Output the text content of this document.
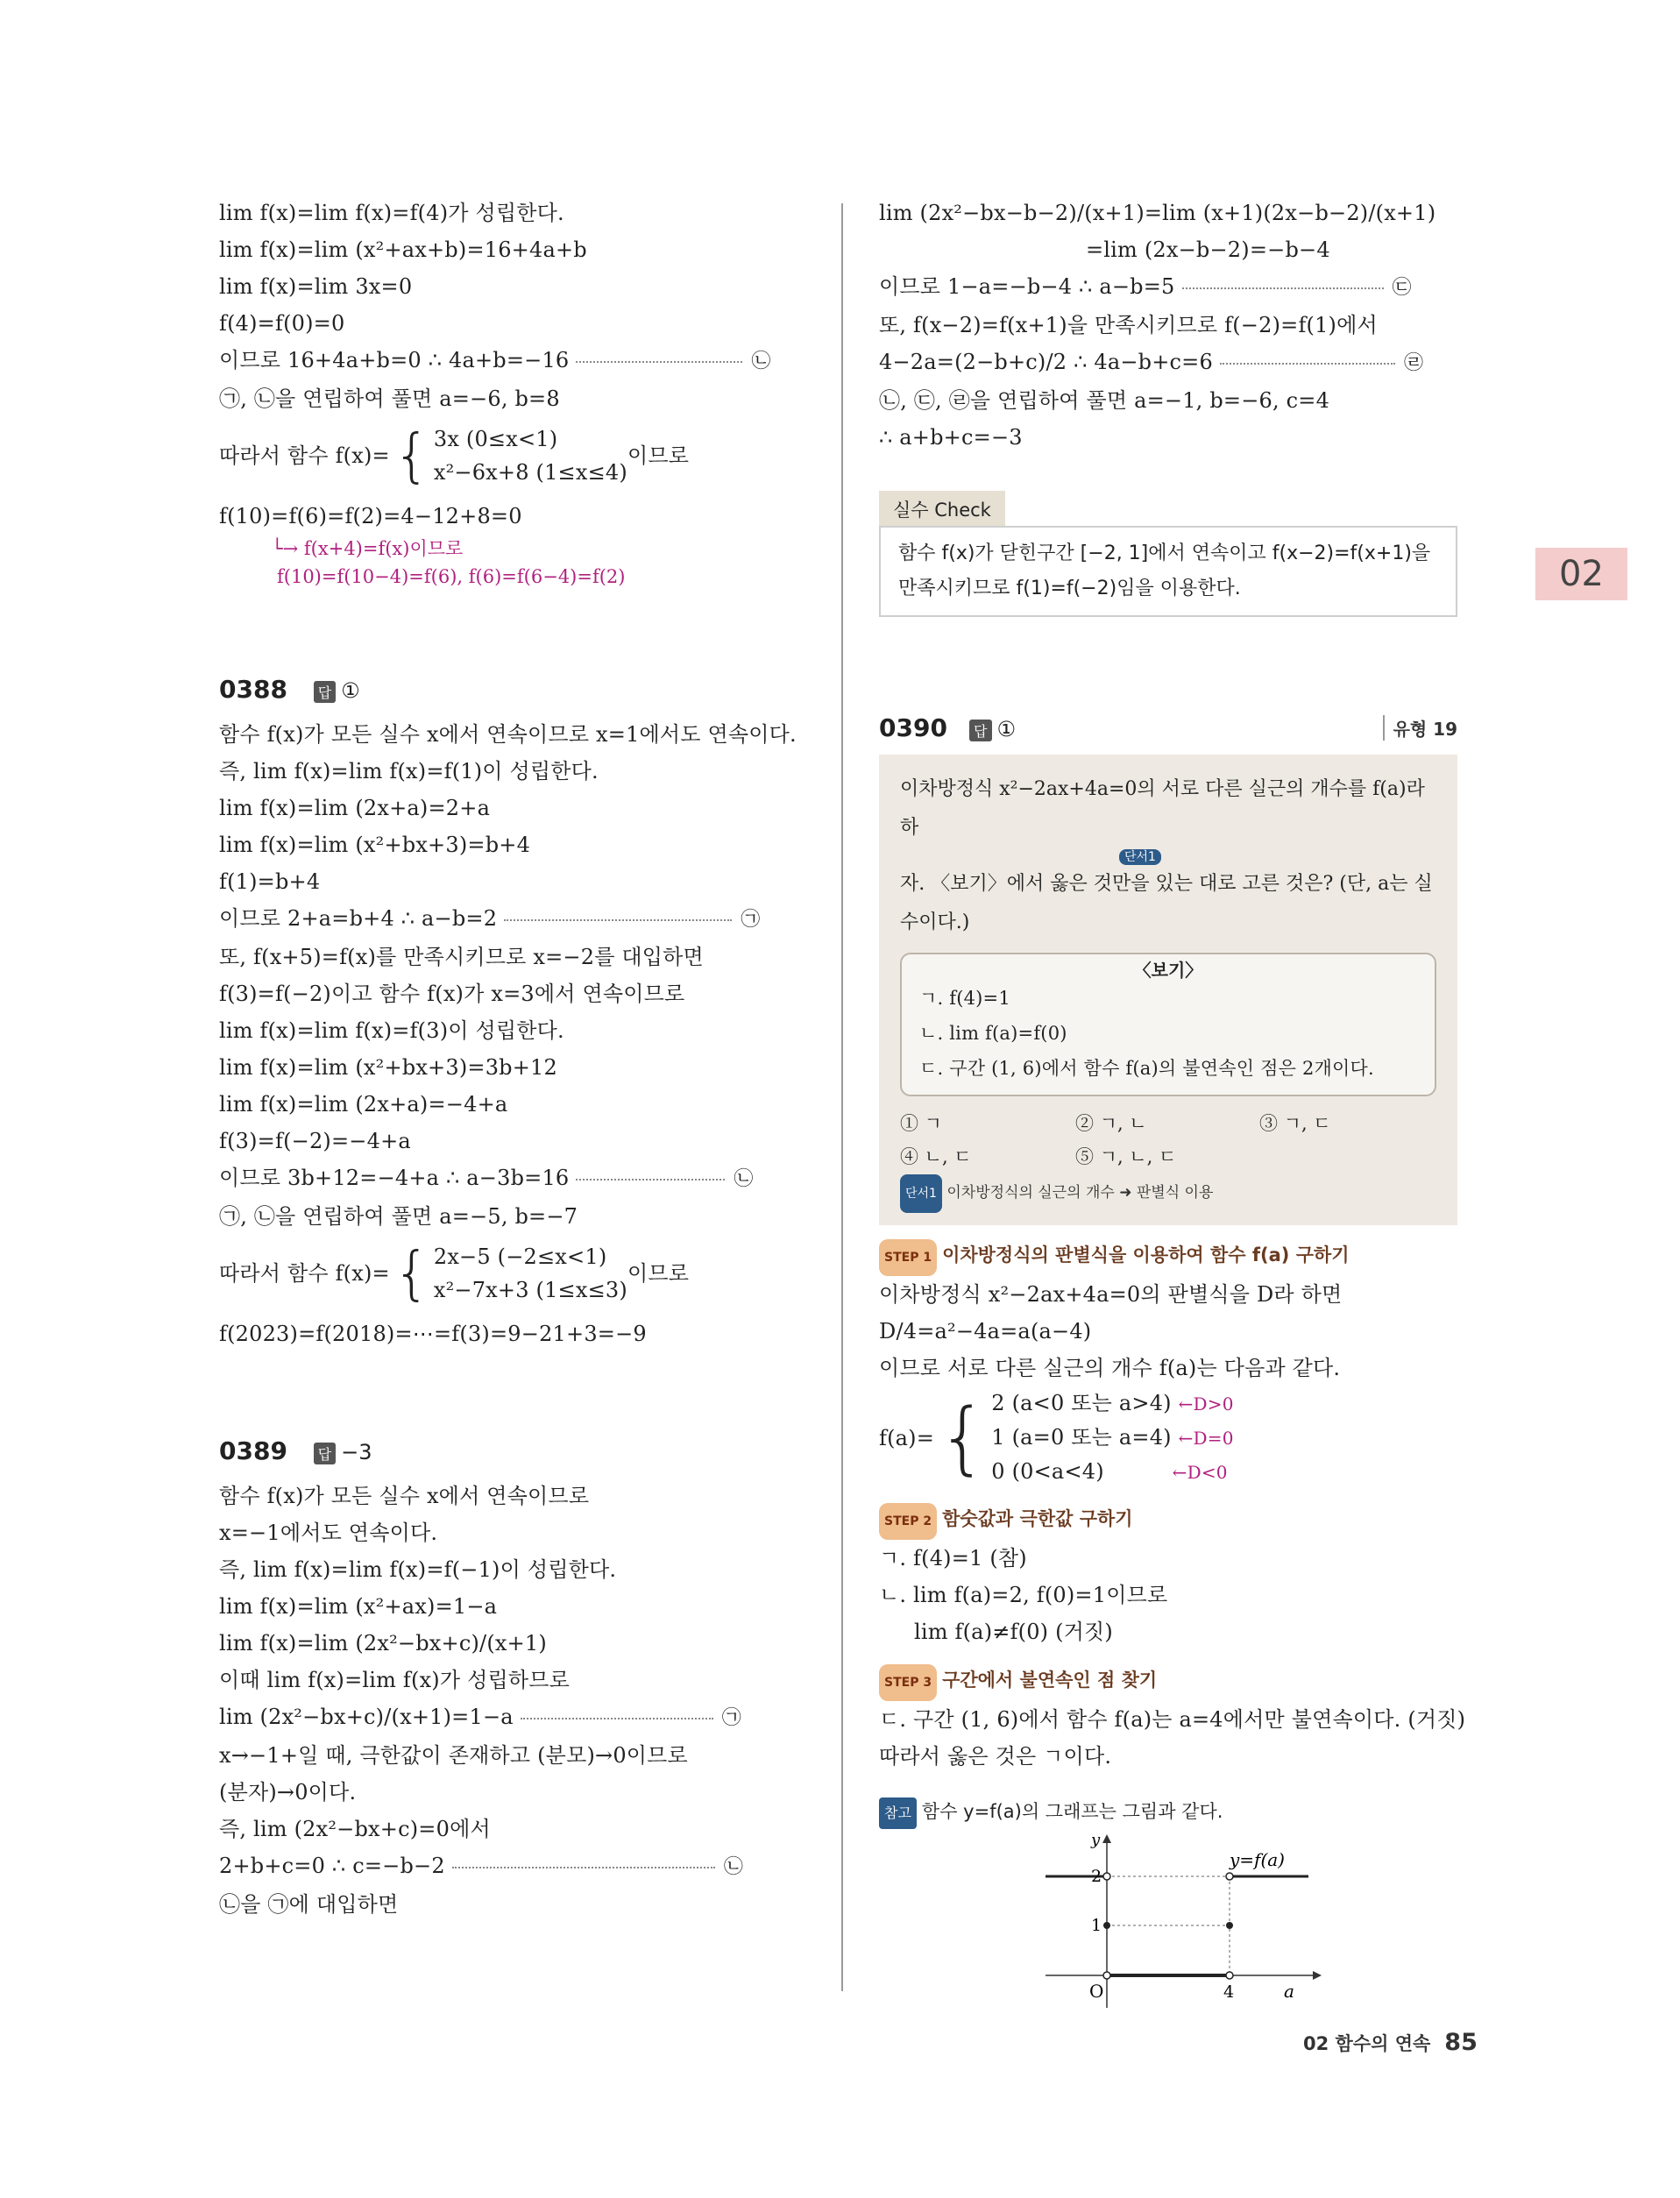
02
lim f(x)=lim f(x)=f(4)가 성립한다.
lim f(x)=lim (x²+ax+b)=16+4a+b
lim f(x)=lim 3x=0
f(4)=f(0)=0
이므로 16+4a+b=0 ∴ 4a+b=−16	㉡
㉠, ㉡을 연립하여 풀면 a=−6, b=8
따라서 함수 f(x)= { 3x (0≤x<1)
x²−6x+8 (1≤x≤4)
이므로
f(10)=f(6)=f(2)=4−12+8=0
└→ f(x+4)=f(x)이므로
f(10)=f(10−4)=f(6), f(6)=f(6−4)=f(2)
0388 답 ①
함수 f(x)가 모든 실수 x에서 연속이므로 x=1에서도 연속이다.
즉, lim f(x)=lim f(x)=f(1)이 성립한다.
lim f(x)=lim (2x+a)=2+a
lim f(x)=lim (x²+bx+3)=b+4
f(1)=b+4
이므로 2+a=b+4 ∴ a−b=2	㉠
또, f(x+5)=f(x)를 만족시키므로 x=−2를 대입하면
f(3)=f(−2)이고 함수 f(x)가 x=3에서 연속이므로
lim f(x)=lim f(x)=f(3)이 성립한다.
lim f(x)=lim (x²+bx+3)=3b+12
lim f(x)=lim (2x+a)=−4+a
f(3)=f(−2)=−4+a
이므로 3b+12=−4+a ∴ a−3b=16	㉡
㉠, ㉡을 연립하여 풀면 a=−5, b=−7
따라서 함수 f(x)= { 2x−5 (−2≤x<1)
x²−7x+3 (1≤x≤3)
이므로
f(2023)=f(2018)=⋯=f(3)=9−21+3=−9
0389 답 −3
함수 f(x)가 모든 실수 x에서 연속이므로
x=−1에서도 연속이다.
즉, lim f(x)=lim f(x)=f(−1)이 성립한다.
lim f(x)=lim (x²+ax)=1−a
lim f(x)=lim (2x²−bx+c)/(x+1)
이때 lim f(x)=lim f(x)가 성립하므로
lim (2x²−bx+c)/(x+1)=1−a	㉠
x→−1+일 때, 극한값이 존재하고 (분모)→0이므로
(분자)→0이다.
즉, lim (2x²−bx+c)=0에서
2+b+c=0 ∴ c=−b−2	㉡
㉡을 ㉠에 대입하면
lim (2x²−bx−b−2)/(x+1)=lim (x+1)(2x−b−2)/(x+1)
=lim (2x−b−2)=−b−4
이므로 1−a=−b−4 ∴ a−b=5	㉢
또, f(x−2)=f(x+1)을 만족시키므로 f(−2)=f(1)에서
4−2a=(2−b+c)/2 ∴ 4a−b+c=6	㉣
㉡, ㉢, ㉣을 연립하여 풀면 a=−1, b=−6, c=4
∴ a+b+c=−3
실수 Check
함수 f(x)가 닫힌구간 [−2, 1]에서 연속이고 f(x−2)=f(x+1)을 만족시키므로 f(1)=f(−2)임을 이용한다.
0390 답 ①	유형 19
이차방정식 x²−2ax+4a=0의 서로 다른 실근의 개수를 f(a)라 하
단서1
자. 〈보기〉에서 옳은 것만을 있는 대로 고른 것은? (단, a는 실수이다.)
〈보기〉
ㄱ. f(4)=1
ㄴ. lim f(a)=f(0)
ㄷ. 구간 (1, 6)에서 함수 f(a)의 불연속인 점은 2개이다.
① ㄱ	② ㄱ, ㄴ	③ ㄱ, ㄷ
④ ㄴ, ㄷ	⑤ ㄱ, ㄴ, ㄷ
단서1 이차방정식의 실근의 개수 ➜ 판별식 이용
STEP 1 이차방정식의 판별식을 이용하여 함수 f(a) 구하기
이차방정식 x²−2ax+4a=0의 판별식을 D라 하면
D/4=a²−4a=a(a−4)
이므로 서로 다른 실근의 개수 f(a)는 다음과 같다.
f(a)= { 2 (a<0 또는 a>4) ←D>0
1 (a=0 또는 a=4) ←D=0
0 (0<a<4)	←D<0
STEP 2 함숫값과 극한값 구하기
ㄱ. f(4)=1 (참)
ㄴ. lim f(a)=2, f(0)=1이므로
lim f(a)≠f(0) (거짓)
STEP 3 구간에서 불연속인 점 찾기
ㄷ. 구간 (1, 6)에서 함수 f(a)는 a=4에서만 불연속이다. (거짓)
따라서 옳은 것은 ㄱ이다.
참고 함수 y=f(a)의 그래프는 그림과 같다.
y
a
O
2
1
4
y=f(a)
02 함수의 연속 85
